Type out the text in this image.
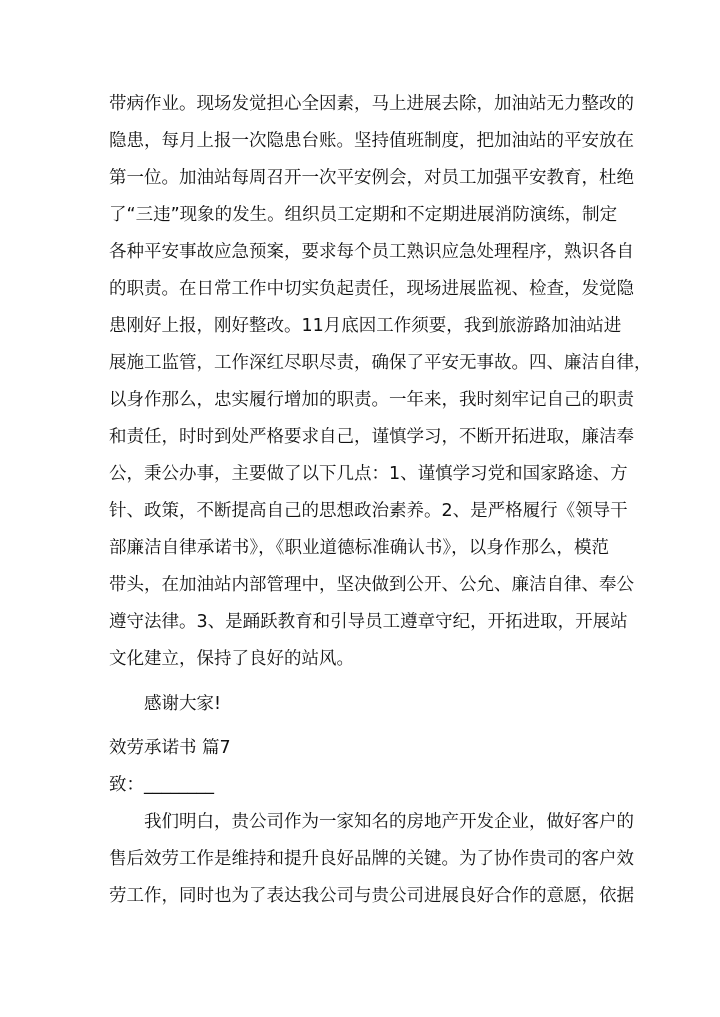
带病作业。现场发觉担心全因素，马上进展去除，加油站无力整改的
隐患，每月上报一次隐患台账。坚持值班制度，把加油站的平安放在
第一位。加油站每周召开一次平安例会，对员工加强平安教育，杜绝
了“三违”现象的发生。组织员工定期和不定期进展消防演练，制定
各种平安事故应急预案，要求每个员工熟识应急处理程序，熟识各自
的职责。在日常工作中切实负起责任，现场进展监视、检查，发觉隐
患刚好上报，刚好整改。11月底因工作须要，我到旅游路加油站进
展施工监管，工作深红尽职尽责，确保了平安无事故。四、廉洁自律，
以身作那么，忠实履行增加的职责。一年来，我时刻牢记自己的职责
和责任，时时到处严格要求自己，谨慎学习，不断开拓进取，廉洁奉
公，秉公办事，主要做了以下几点：1、谨慎学习党和国家路途、方
针、政策，不断提高自己的思想政治素养。2、是严格履行《领导干
部廉洁自律承诺书》，《职业道德标准确认书》，以身作那么，模范
带头，在加油站内部管理中，坚决做到公开、公允、廉洁自律、奉公
遵守法律。3、是踊跃教育和引导员工遵章守纪，开拓进取，开展站
文化建立，保持了良好的站风。
感谢大家!
效劳承诺书 篇7
致：________
我们明白，贵公司作为一家知名的房地产开发企业，做好客户的
售后效劳工作是维持和提升良好品牌的关键。为了协作贵司的客户效
劳工作，同时也为了表达我公司与贵公司进展良好合作的意愿，依据
